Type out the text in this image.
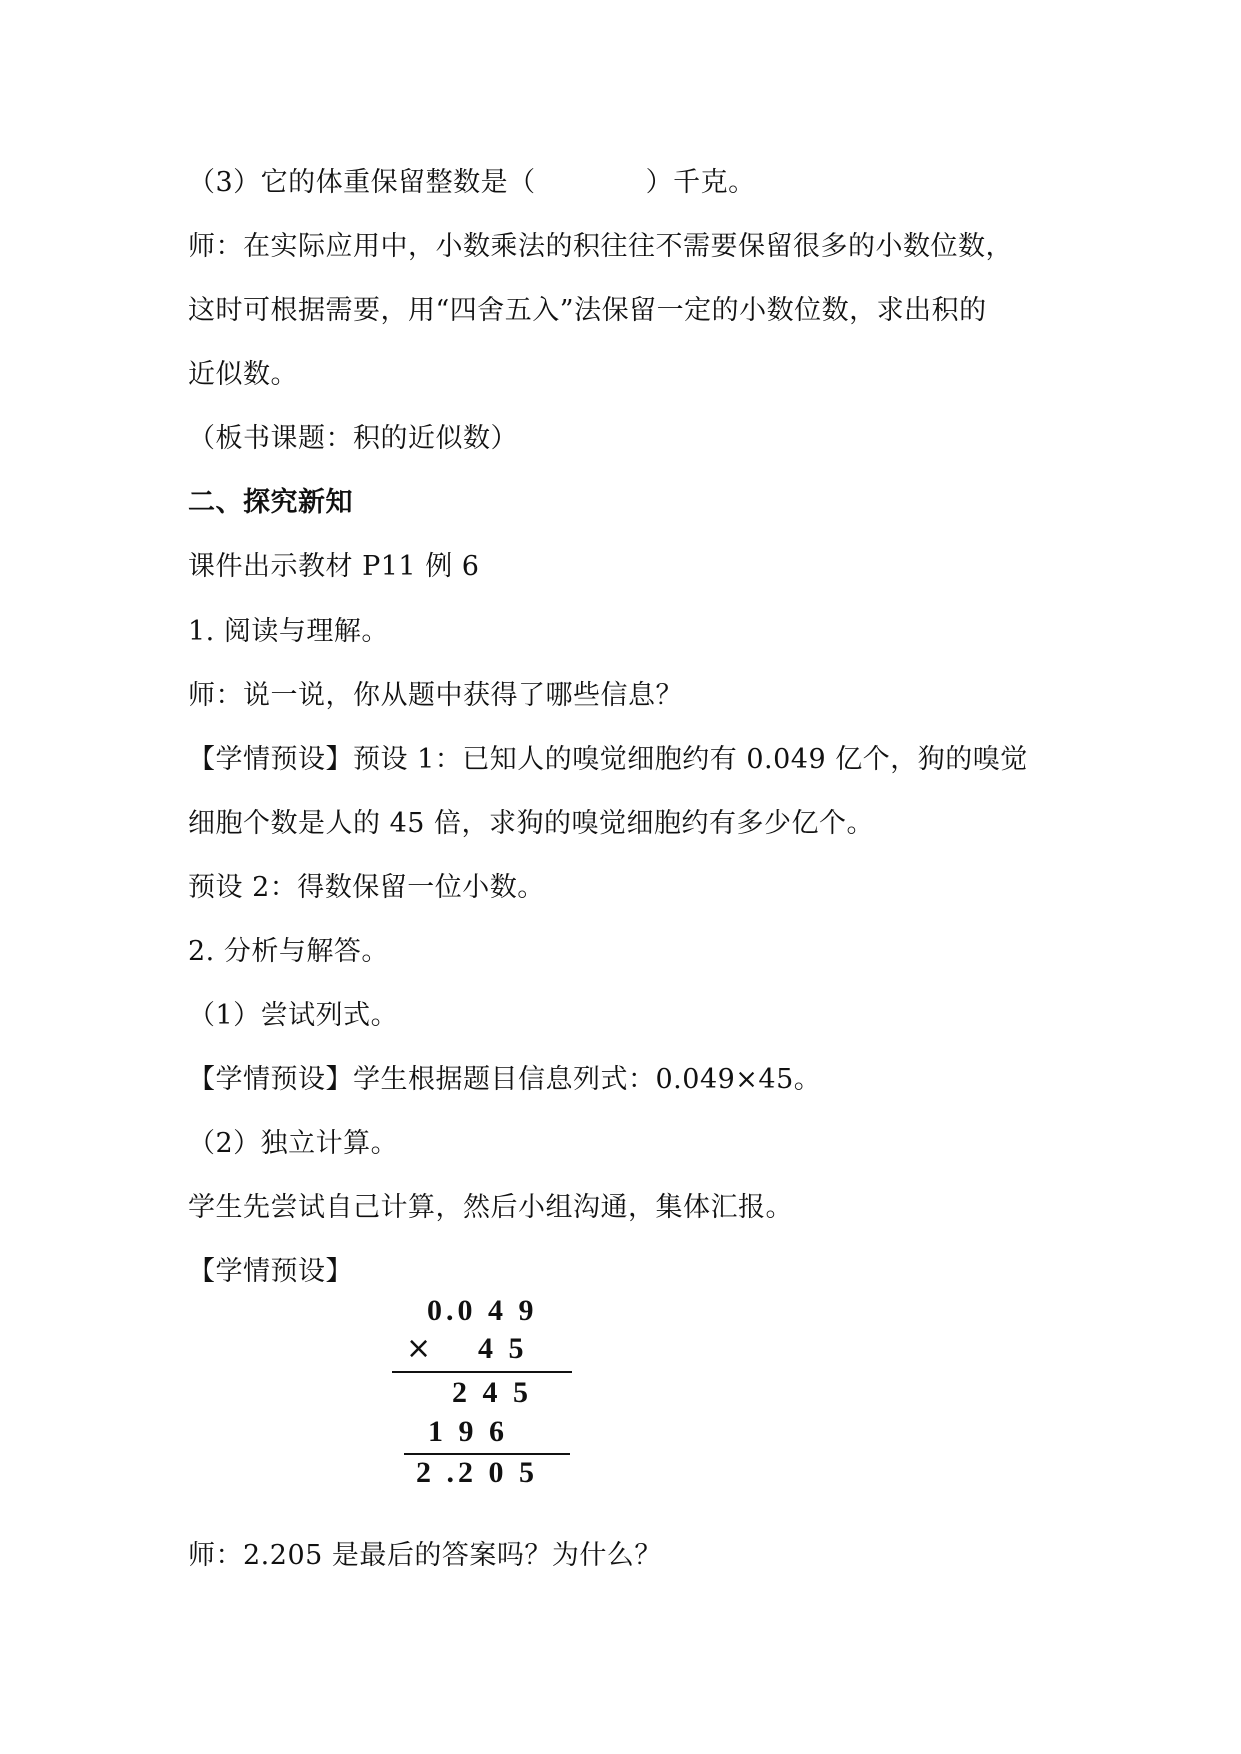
（3）它的体重保留整数是（　　　　）千克。
师：在实际应用中，小数乘法的积往往不需要保留很多的小数位数，
这时可根据需要，用“四舍五入”法保留一定的小数位数，求出积的
近似数。
（板书课题：积的近似数）
二、探究新知
课件出示教材 P11 例 6
1. 阅读与理解。
师：说一说，你从题中获得了哪些信息？
【学情预设】预设 1：已知人的嗅觉细胞约有 0.049 亿个，狗的嗅觉
细胞个数是人的 45 倍，求狗的嗅觉细胞约有多少亿个。
预设 2：得数保留一位小数。
2. 分析与解答。
（1）尝试列式。
【学情预设】学生根据题目信息列式：0.049×45。
（2）独立计算。
学生先尝试自己计算，然后小组沟通，集体汇报。
【学情预设】
0.0 4 9
× 4 5
2 4 5
1 9 6
2 .2 0 5
师：2.205 是最后的答案吗？为什么？
